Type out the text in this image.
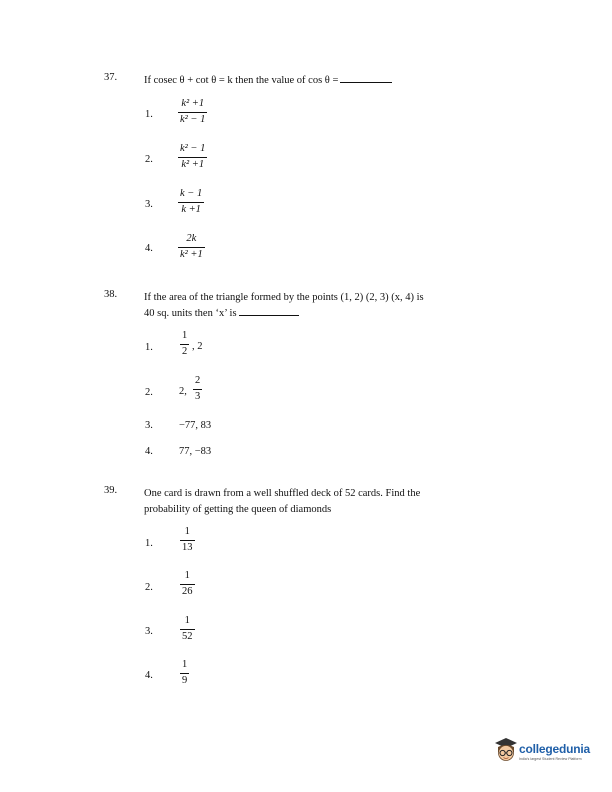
37.	If cosec θ + cot θ = k then the value of cos θ =
1.
k² +1
k² − 1
2.
k² − 1
k² +1
3.
k − 1
k +1
4.
2k
k² +1
38.	If the area of the triangle formed by the points (1, 2) (2, 3) (x, 4) is
40 sq. units then ‘x’ is
1.
1
2 , 2
2. 2,
2
3
3. −77, 83
4. 77, −83
39.	One card is drawn from a well shuffled deck of 52 cards. Find the
probability of getting the queen of diamonds
1.
1
13
2.
1
26
3.
1
52
4.
1
9
collegedunia
India's largest Student Review Platform
